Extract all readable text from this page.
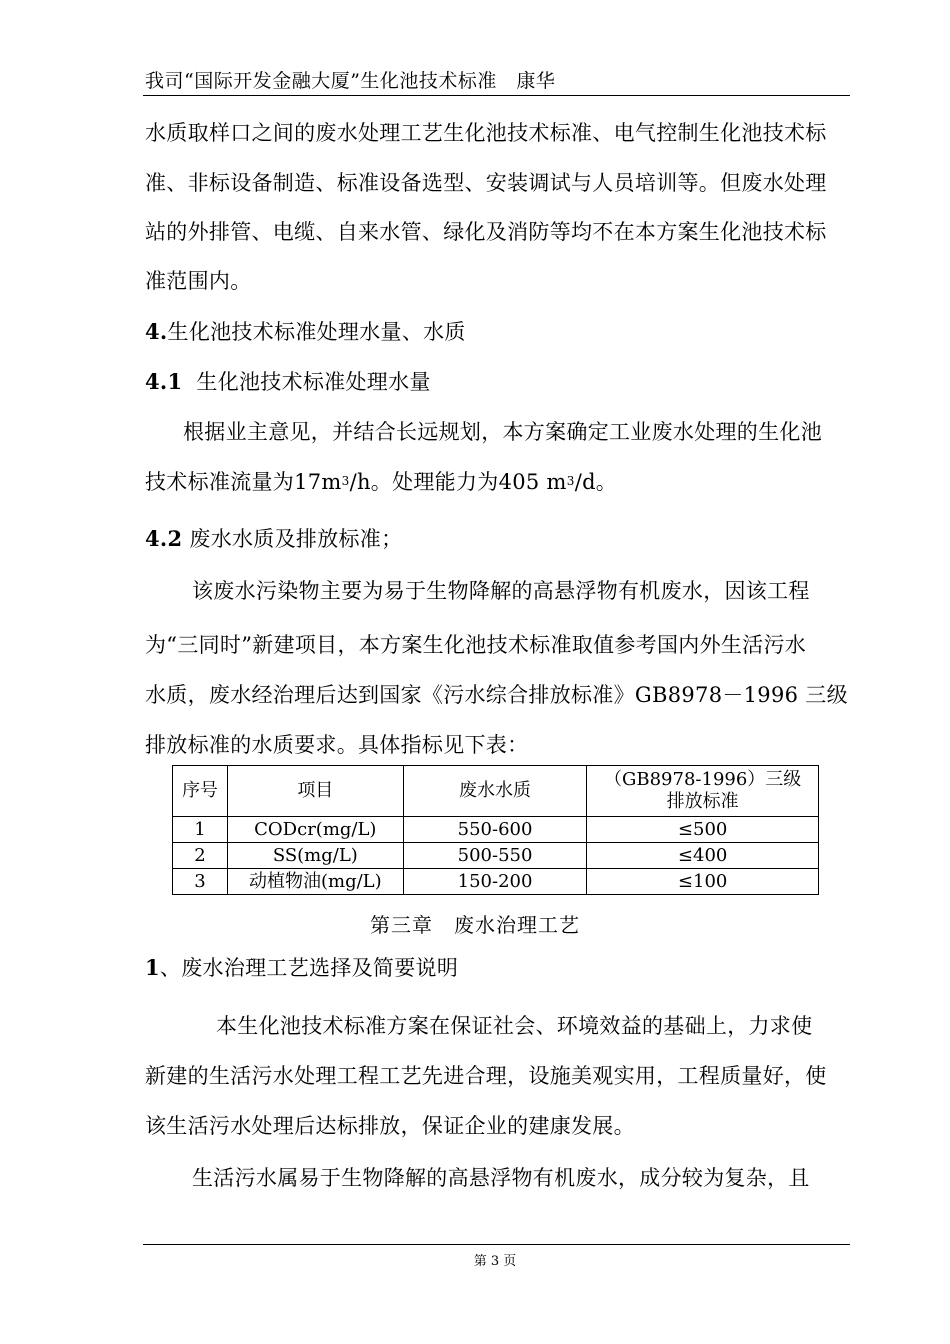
我司“国际开发金融大厦”生化池技术标准　康华
水质取样口之间的废水处理工艺生化池技术标准、电气控制生化池技术标
准、非标设备制造、标准设备选型、安装调试与人员培训等。但废水处理
站的外排管、电缆、自来水管、绿化及消防等均不在本方案生化池技术标
准范围内。
4.生化池技术标准处理水量、水质
4.1  生化池技术标准处理水量
根据业主意见，并结合长远规划，本方案确定工业废水处理的生化池
技术标准流量为$17m^3/h$。处理能力为405 $m^3/d$。
4.2 废水水质及排放标准；
该废水污染物主要为易于生物降解的高悬浮物有机废水，因该工程
为“三同时”新建项目，本方案生化池技术标准取值参考国内外生活污水
水质，废水经治理后达到国家《污水综合排放标准》GB8978－1996 三级
排放标准的水质要求。具体指标见下表：
序号	项目	废水水质	（GB8978-1996）三级排放标准
1	CODcr(mg/L)	550-600	≤500
2	SS(mg/L)	500-550	≤400
3	动植物油(mg/L)	150-200	≤100
第三章　废水治理工艺
1、废水治理工艺选择及简要说明
本生化池技术标准方案在保证社会、环境效益的基础上，力求使
新建的生活污水处理工程工艺先进合理，设施美观实用，工程质量好，使
该生活污水处理后达标排放，保证企业的建康发展。
生活污水属易于生物降解的高悬浮物有机废水，成分较为复杂，且
第 3 页
